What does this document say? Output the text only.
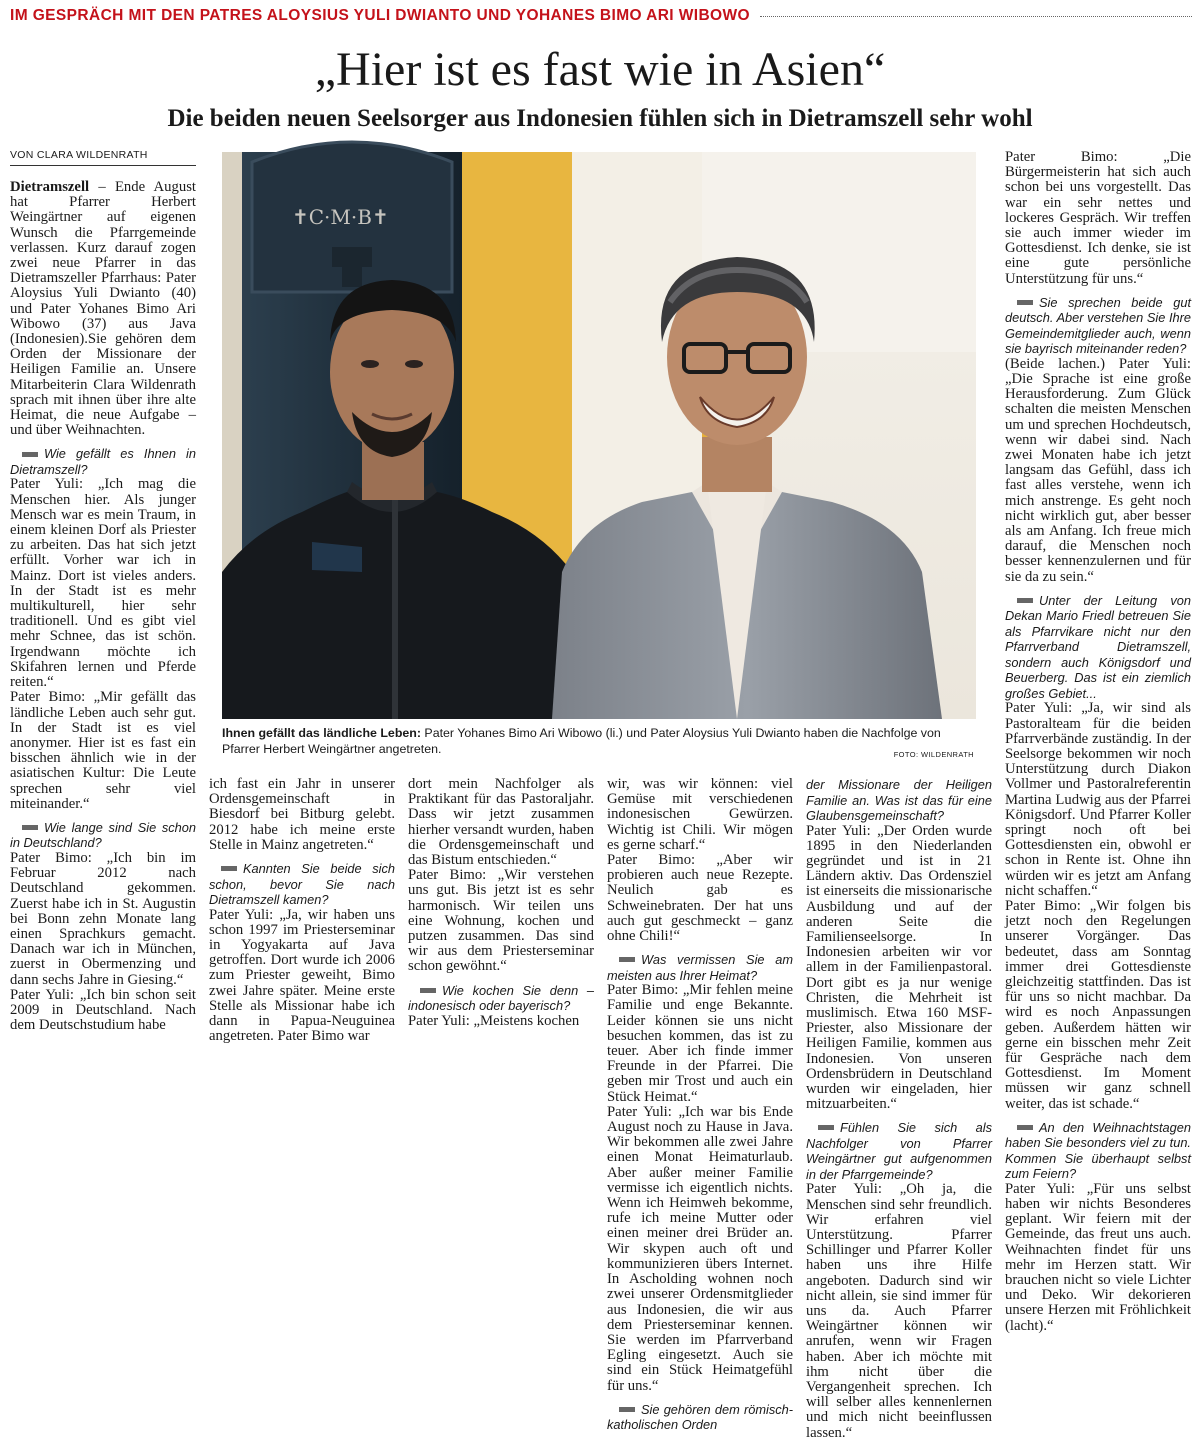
IM GESPRÄCH MIT DEN PATRES ALOYSIUS YULI DWIANTO UND YOHANES BIMO ARI WIBOWO
„Hier ist es fast wie in Asien“
Die beiden neuen Seelsorger aus Indonesien fühlen sich in Dietramszell sehr wohl
VON CLARA WILDENRATH

Dietramszell – Ende August hat Pfarrer Herbert Weingärtner auf eigenen Wunsch die Pfarrgemeinde verlassen. Kurz darauf zogen zwei neue Pfarrer in das Dietramszeller Pfarrhaus: Pater Aloysius Yuli Dwianto (40) und Pater Yohanes Bimo Ari Wibowo (37) aus Java (Indonesien).Sie gehören dem Orden der Missionare der Heiligen Familie an. Unsere Mitarbeiterin Clara Wildenrath sprach mit ihnen über ihre alte Heimat, die neue Aufgabe – und über Weihnachten.

Wie gefällt es Ihnen in Dietramszell?

Pater Yuli: „Ich mag die Menschen hier. Als junger Mensch war es mein Traum, in einem kleinen Dorf als Priester zu arbeiten. Das hat sich jetzt erfüllt. Vorher war ich in Mainz. Dort ist vieles anders. In der Stadt ist es mehr multikulturell, hier sehr traditionell. Und es gibt viel mehr Schnee, das ist schön. Irgendwann möchte ich Skifahren lernen und Pferde reiten.“

Pater Bimo: „Mir gefällt das ländliche Leben auch sehr gut. In der Stadt ist es viel anonymer. Hier ist es fast ein bisschen ähnlich wie in der asiatischen Kultur: Die Leute sprechen sehr viel miteinander.“

Wie lange sind Sie schon in Deutschland?

Pater Bimo: „Ich bin im Februar 2012 nach Deutschland gekommen. Zuerst habe ich in St. Augustin bei Bonn zehn Monate lang einen Sprachkurs gemacht. Danach war ich in München, zuerst in Obermenzing und dann sechs Jahre in Giesing.“

Pater Yuli: „Ich bin schon seit 2009 in Deutschland. Nach dem Deutschstudium habe

✝C·M·B✝
Ihnen gefällt das ländliche Leben: Pater Yohanes Bimo Ari Wibowo (li.) und Pater Aloysius Yuli Dwianto haben die Nachfolge von Pfarrer Herbert Weingärtner angetreten.	FOTO: WILDENRATH

ich fast ein Jahr in unserer Ordensgemeinschaft in Biesdorf bei Bitburg gelebt. 2012 habe ich meine erste Stelle in Mainz angetreten.“

Kannten Sie beide sich schon, bevor Sie nach Dietramszell kamen?

Pater Yuli: „Ja, wir haben uns schon 1997 im Priesterseminar in Yogyakarta auf Java getroffen. Dort wurde ich 2006 zum Priester geweiht, Bimo zwei Jahre später. Meine erste Stelle als Missionar habe ich dann in Papua-Neuguinea angetreten. Pater Bimo war

dort mein Nachfolger als Praktikant für das Pastoraljahr. Dass wir jetzt zusammen hierher versandt wurden, haben die Ordensgemeinschaft und das Bistum entschieden.“

Pater Bimo: „Wir verstehen uns gut. Bis jetzt ist es sehr harmonisch. Wir teilen uns eine Wohnung, kochen und putzen zusammen. Das sind wir aus dem Priesterseminar schon gewöhnt.“

Wie kochen Sie denn – indonesisch oder bayerisch?

Pater Yuli: „Meistens kochen

wir, was wir können: viel Gemüse mit verschiedenen indonesischen Gewürzen. Wichtig ist Chili. Wir mögen es gerne scharf.“

Pater Bimo: „Aber wir probieren auch neue Rezepte. Neulich gab es Schweinebraten. Der hat uns auch gut geschmeckt – ganz ohne Chili!“

Was vermissen Sie am meisten aus Ihrer Heimat?

Pater Bimo: „Mir fehlen meine Familie und enge Bekannte. Leider können sie uns nicht besuchen kommen, das ist zu teuer. Aber ich finde immer Freunde in der Pfarrei. Die geben mir Trost und auch ein Stück Heimat.“

Pater Yuli: „Ich war bis Ende August noch zu Hause in Java. Wir bekommen alle zwei Jahre einen Monat Heimaturlaub. Aber außer meiner Familie vermisse ich eigentlich nichts. Wenn ich Heimweh bekomme, rufe ich meine Mutter oder einen meiner drei Brüder an. Wir skypen auch oft und kommunizieren übers Internet. In Ascholding wohnen noch zwei unserer Ordensmitglieder aus Indonesien, die wir aus dem Priesterseminar kennen. Sie werden im Pfarrverband Egling eingesetzt. Auch sie sind ein Stück Heimatgefühl für uns.“

Sie gehören dem römisch-katholischen Orden

der Missionare der Heiligen Familie an. Was ist das für eine Glaubensgemeinschaft?

Pater Yuli: „Der Orden wurde 1895 in den Niederlanden gegründet und ist in 21 Ländern aktiv. Das Ordensziel ist einerseits die missionarische Ausbildung und auf der anderen Seite die Familienseelsorge. In Indonesien arbeiten wir vor allem in der Familienpastoral. Dort gibt es ja nur wenige Christen, die Mehrheit ist muslimisch. Etwa 160 MSF-Priester, also Missionare der Heiligen Familie, kommen aus Indonesien. Von unseren Ordensbrüdern in Deutschland wurden wir eingeladen, hier mitzuarbeiten.“

Fühlen Sie sich als Nachfolger von Pfarrer Weingärtner gut aufgenommen in der Pfarrgemeinde?

Pater Yuli: „Oh ja, die Menschen sind sehr freundlich. Wir erfahren viel Unterstützung. Pfarrer Schillinger und Pfarrer Koller haben uns ihre Hilfe angeboten. Dadurch sind wir nicht allein, sie sind immer für uns da. Auch Pfarrer Weingärtner können wir anrufen, wenn wir Fragen haben. Aber ich möchte mit ihm nicht über die Vergangenheit sprechen. Ich will selber alles kennenlernen und mich nicht beeinflussen lassen.“

Pater Bimo: „Die Bürgermeisterin hat sich auch schon bei uns vorgestellt. Das war ein sehr nettes und lockeres Gespräch. Wir treffen sie auch immer wieder im Gottesdienst. Ich denke, sie ist eine gute persönliche Unterstützung für uns.“

Sie sprechen beide gut deutsch. Aber verstehen Sie Ihre Gemeindemitglieder auch, wenn sie bayrisch miteinander reden?

(Beide lachen.) Pater Yuli: „Die Sprache ist eine große Herausforderung. Zum Glück schalten die meisten Menschen um und sprechen Hochdeutsch, wenn wir dabei sind. Nach zwei Monaten habe ich jetzt langsam das Gefühl, dass ich fast alles verstehe, wenn ich mich anstrenge. Es geht noch nicht wirklich gut, aber besser als am Anfang. Ich freue mich darauf, die Menschen noch besser kennenzulernen und für sie da zu sein.“

Unter der Leitung von Dekan Mario Friedl betreuen Sie als Pfarrvikare nicht nur den Pfarrverband Dietramszell, sondern auch Königsdorf und Beuerberg. Das ist ein ziemlich großes Gebiet...

Pater Yuli: „Ja, wir sind als Pastoralteam für die beiden Pfarrverbände zuständig. In der Seelsorge bekommen wir noch Unterstützung durch Diakon Vollmer und Pastoralreferentin Martina Ludwig aus der Pfarrei Königsdorf. Und Pfarrer Koller springt noch oft bei Gottesdiensten ein, obwohl er schon in Rente ist. Ohne ihn würden wir es jetzt am Anfang nicht schaffen.“

Pater Bimo: „Wir folgen bis jetzt noch den Regelungen unserer Vorgänger. Das bedeutet, dass am Sonntag immer drei Gottesdienste gleichzeitig stattfinden. Das ist für uns so nicht machbar. Da wird es noch Anpassungen geben. Außerdem hätten wir gerne ein bisschen mehr Zeit für Gespräche nach dem Gottesdienst. Im Moment müssen wir ganz schnell weiter, das ist schade.“

An den Weihnachtstagen haben Sie besonders viel zu tun. Kommen Sie überhaupt selbst zum Feiern?

Pater Yuli: „Für uns selbst haben wir nichts Besonderes geplant. Wir feiern mit der Gemeinde, das freut uns auch. Weihnachten findet für uns mehr im Herzen statt. Wir brauchen nicht so viele Lichter und Deko. Wir dekorieren unsere Herzen mit Fröhlichkeit (lacht).“
